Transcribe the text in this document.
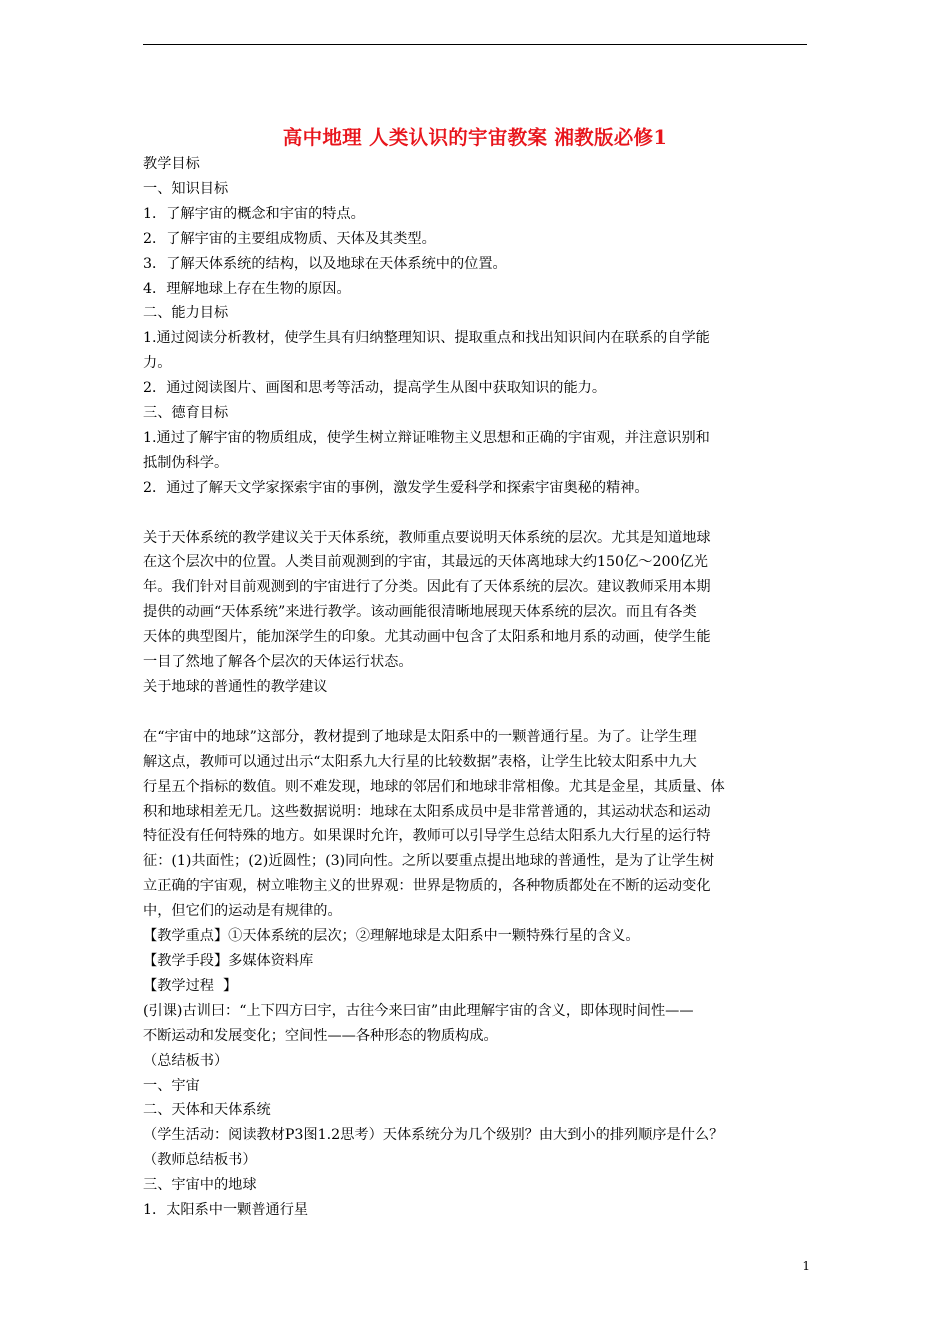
高中地理 人类认识的宇宙教案 湘教版必修1

教学目标

一、知识目标

1．了解宇宙的概念和宇宙的特点。

2．了解宇宙的主要组成物质、天体及其类型。

3．了解天体系统的结构，以及地球在天体系统中的位置。

4．理解地球上存在生物的原因。

二、能力目标

1.通过阅读分析教材，使学生具有归纳整理知识、提取重点和找出知识间内在联系的自学能

力。

2．通过阅读图片、画图和思考等活动，提高学生从图中获取知识的能力。

三、德育目标

1.通过了解宇宙的物质组成，使学生树立辩证唯物主义思想和正确的宇宙观，并注意识别和

抵制伪科学。

2．通过了解天文学家探索宇宙的事例，激发学生爱科学和探索宇宙奥秘的精神。

关于天体系统的教学建议关于天体系统，教师重点要说明天体系统的层次。尤其是知道地球

在这个层次中的位置。人类目前观测到的宇宙，其最远的天体离地球大约150亿～200亿光

年。我们针对目前观测到的宇宙进行了分类。因此有了天体系统的层次。建议教师采用本期

提供的动画“天体系统”来进行教学。该动画能很清晰地展现天体系统的层次。而且有各类

天体的典型图片，能加深学生的印象。尤其动画中包含了太阳系和地月系的动画，使学生能

一目了然地了解各个层次的天体运行状态。

关于地球的普通性的教学建议

在“宇宙中的地球”这部分，教材提到了地球是太阳系中的一颗普通行星。为了。让学生理

解这点，教师可以通过出示“太阳系九大行星的比较数据”表格，让学生比较太阳系中九大

行星五个指标的数值。则不难发现，地球的邻居们和地球非常相像。尤其是金星，其质量、体

积和地球相差无几。这些数据说明：地球在太阳系成员中是非常普通的，其运动状态和运动

特征没有任何特殊的地方。如果课时允许，教师可以引导学生总结太阳系九大行星的运行特

征：(1)共面性；(2)近圆性；(3)同向性。之所以要重点提出地球的普通性，是为了让学生树

立正确的宇宙观，树立唯物主义的世界观：世界是物质的，各种物质都处在不断的运动变化

中，但它们的运动是有规律的。

【教学重点】①天体系统的层次；②理解地球是太阳系中一颗特殊行星的含义。

【教学手段】多媒体资料库

【教学过程  】

(引课)古训曰：“上下四方曰宇，古往今来曰宙”由此理解宇宙的含义，即体现时间性——

不断运动和发展变化；空间性——各种形态的物质构成。

（总结板书）

一、宇宙

二、天体和天体系统

（学生活动：阅读教材P3图1.2思考）天体系统分为几个级别？由大到小的排列顺序是什么？

（教师总结板书）

三、宇宙中的地球

1．太阳系中一颗普通行星

1
